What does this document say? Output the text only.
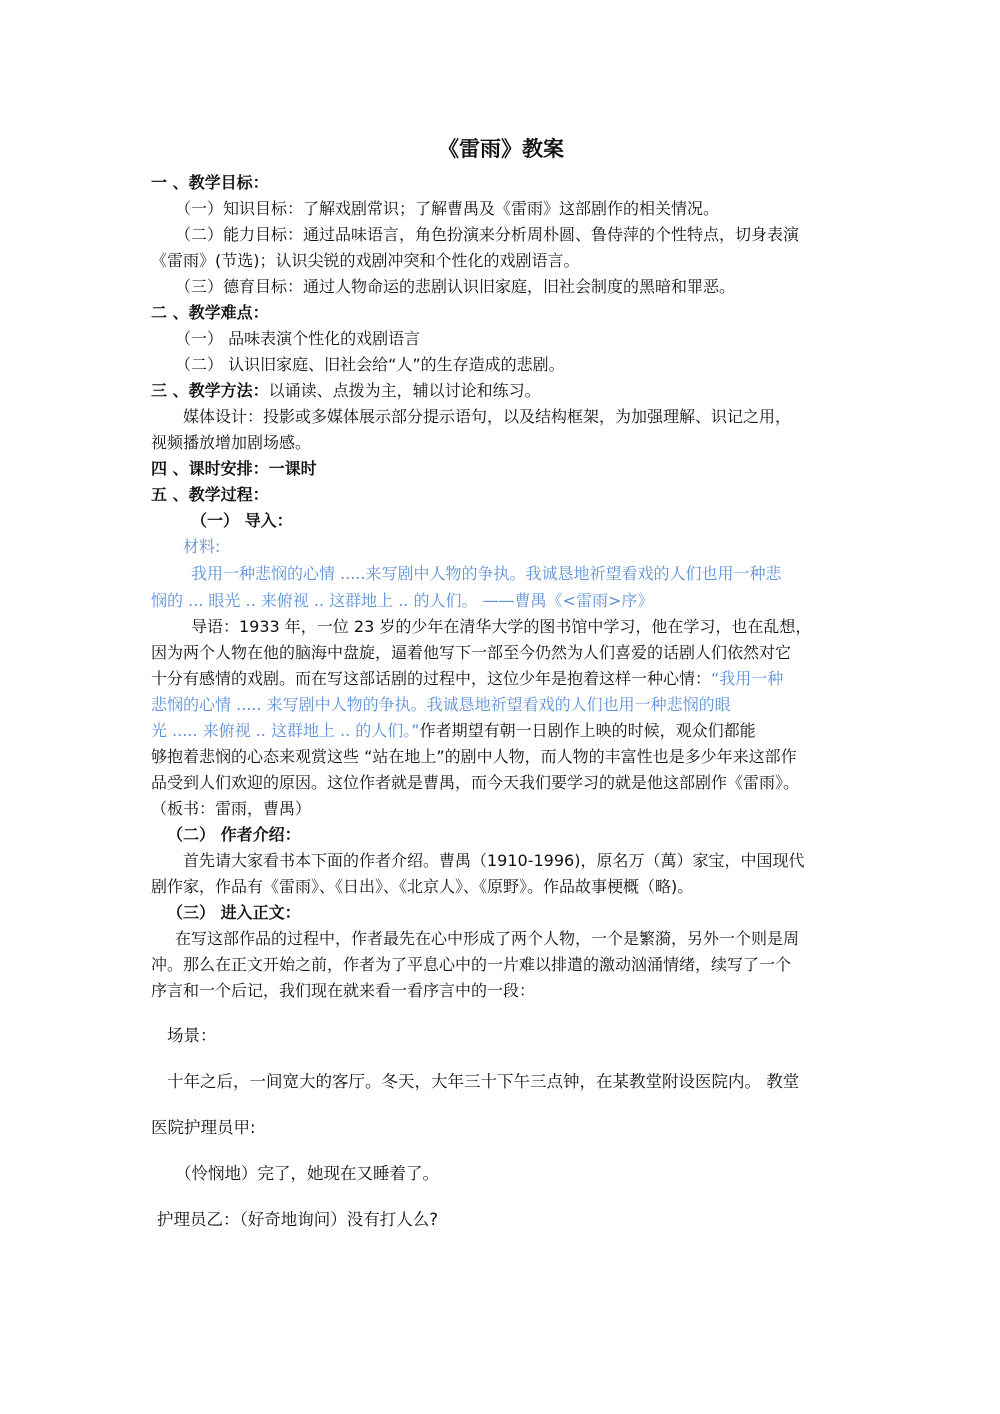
《雷雨》教案

一 、教学目标：

（一）知识目标：了解戏剧常识；了解曹禺及《雷雨》这部剧作的相关情况。

（二）能力目标：通过品味语言，角色扮演来分析周朴圆、鲁侍萍的个性特点，切身表演

《雷雨》(节选)；认识尖锐的戏剧冲突和个性化的戏剧语言。

（三）德育目标：通过人物命运的悲剧认识旧家庭，旧社会制度的黑暗和罪恶。

二 、教学难点：

（一） 品味表演个性化的戏剧语言

（二） 认识旧家庭、旧社会给“人”的生存造成的悲剧。

三 、教学方法：以诵读、点拨为主，辅以讨论和练习。

媒体设计：投影或多媒体展示部分提示语句，以及结构框架，为加强理解、识记之用，

视频播放增加剧场感。

四 、课时安排：一课时

五 、教学过程：

（一） 导入：

材料:

我用一种悲悯的心情 .....来写剧中人物的争执。我诚恳地祈望看戏的人们也用一种悲

悯的 ... 眼光 .. 来俯视 .. 这群地上 .. 的人们。 ——曹禺《<雷雨>序》

导语：1933 年，一位 23 岁的少年在清华大学的图书馆中学习，他在学习，也在乱想，

因为两个人物在他的脑海中盘旋，逼着他写下一部至今仍然为人们喜爱的话剧人们依然对它

十分有感情的戏剧。而在写这部话剧的过程中，这位少年是抱着这样一种心情：“我用一种

悲悯的心情 ..... 来写剧中人物的争执。我诚恳地祈望看戏的人们也用一种悲悯的眼

光 ..... 来俯视 .. 这群地上 .. 的人们。”作者期望有朝一日剧作上映的时候，观众们都能

够抱着悲悯的心态来观赏这些 “站在地上”的剧中人物，而人物的丰富性也是多少年来这部作

品受到人们欢迎的原因。这位作者就是曹禺，而今天我们要学习的就是他这部剧作《雷雨》。

（板书：雷雨，曹禺）

（二） 作者介绍：

首先请大家看书本下面的作者介绍。曹禺（1910-1996)，原名万（萬）家宝，中国现代

剧作家，作品有《雷雨》、《日出》、《北京人》、《原野》。作品故事梗概（略)。

（三） 进入正文：

在写这部作品的过程中，作者最先在心中形成了两个人物，一个是繁漪，另外一个则是周

冲。那么在正文开始之前，作者为了平息心中的一片难以排遣的激动汹涌情绪，续写了一个

序言和一个后记，我们现在就来看一看序言中的一段：

场景：

十年之后，一间宽大的客厅。冬天，大年三十下午三点钟，在某教堂附设医院内。 教堂

医院护理员甲:

（怜悯地）完了，她现在又睡着了。

护理员乙：（好奇地询问）没有打人么?
